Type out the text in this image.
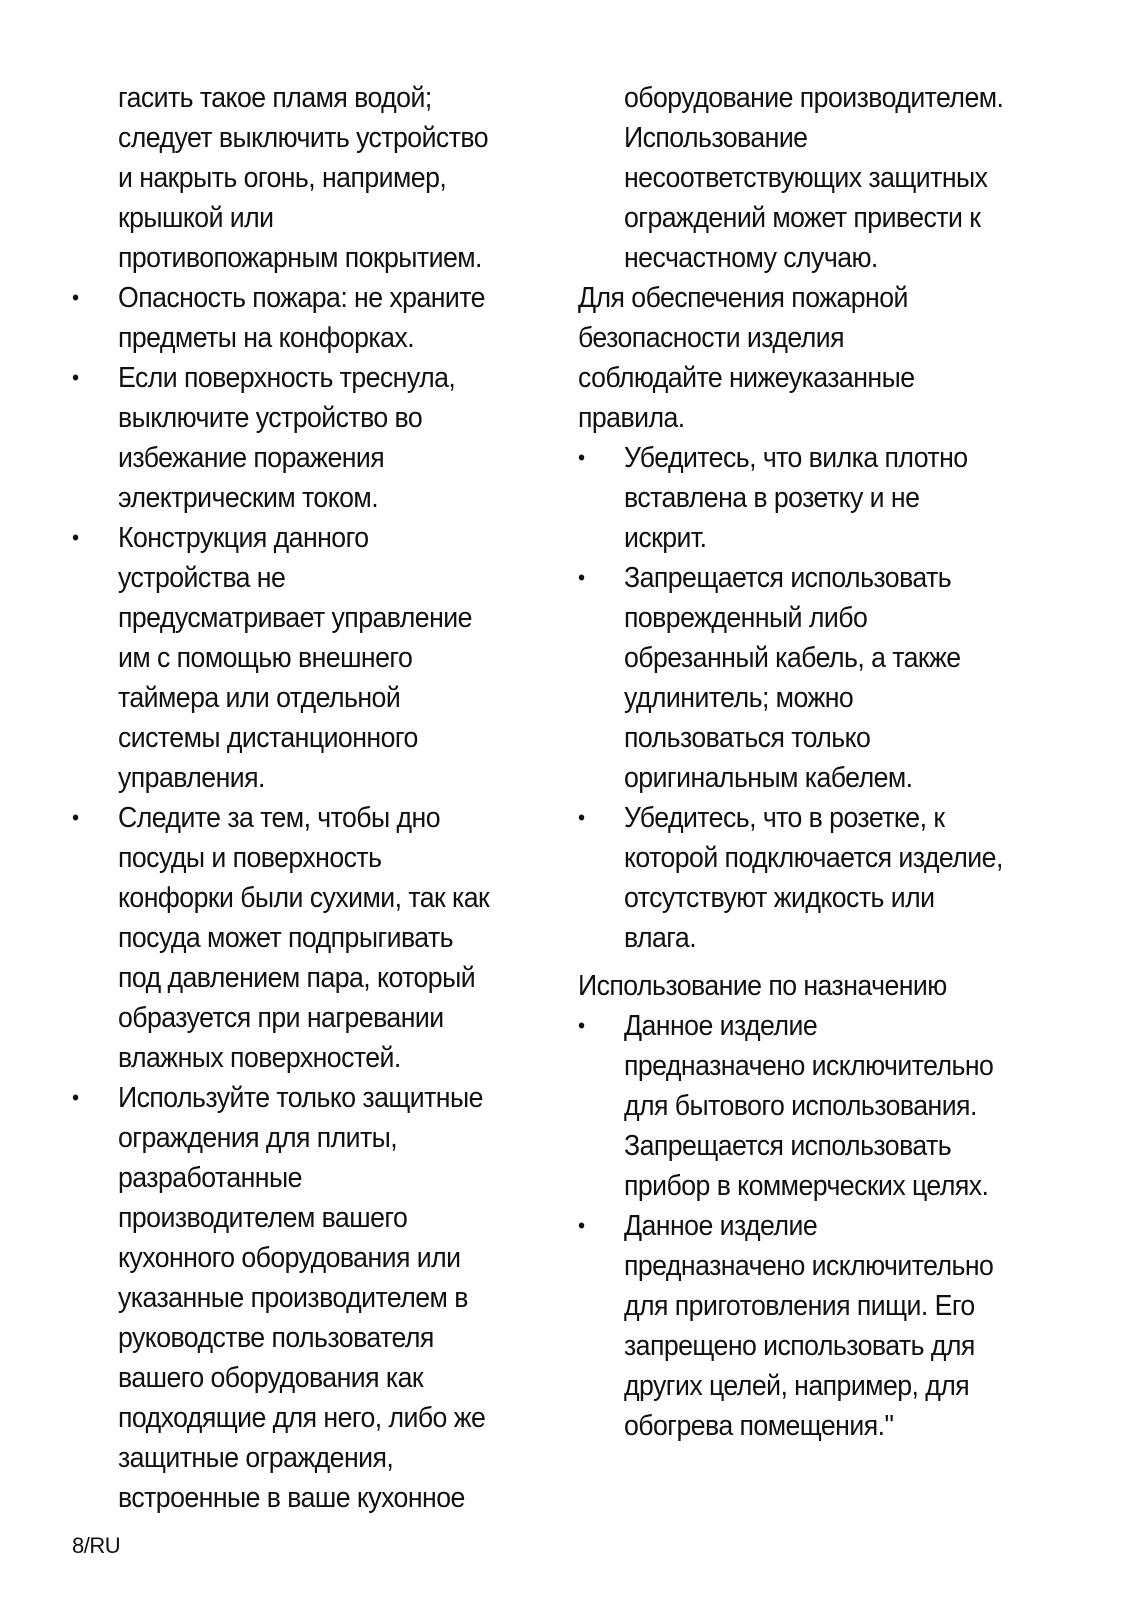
гасить такое пламя водой;
следует выключить устройство
и накрыть огонь, например,
крышкой или
противопожарным покрытием.
•	Опасность пожара: не храните
предметы на конфорках.
•	Если поверхность треснула,
выключите устройство во
избежание поражения
электрическим током.
•	Конструкция данного
устройства не
предусматривает управление
им с помощью внешнего
таймера или отдельной
системы дистанционного
управления.
•	Следите за тем, чтобы дно
посуды и поверхность
конфорки были сухими, так как
посуда может подпрыгивать
под давлением пара, который
образуется при нагревании
влажных поверхностей.
•	Используйте только защитные
ограждения для плиты,
разработанные
производителем вашего
кухонного оборудования или
указанные производителем в
руководстве пользователя
вашего оборудования как
подходящие для него, либо же
защитные ограждения,
встроенные в ваше кухонное
оборудование производителем.
Использование
несоответствующих защитных
ограждений может привести к
несчастному случаю.
Для обеспечения пожарной
безопасности изделия
соблюдайте нижеуказанные
правила.
•	Убедитесь, что вилка плотно
вставлена в розетку и не
искрит.
•	Запрещается использовать
поврежденный либо
обрезанный кабель, а также
удлинитель; можно
пользоваться только
оригинальным кабелем.
•	Убедитесь, что в розетке, к
которой подключается изделие,
отсутствуют жидкость или
влага.
Использование по назначению
•	Данное изделие
предназначено исключительно
для бытового использования.
Запрещается использовать
прибор в коммерческих целях.
•	Данное изделие
предназначено исключительно
для приготовления пищи. Его
запрещено использовать для
других целей, например, для
обогрева помещения."
8/RU
